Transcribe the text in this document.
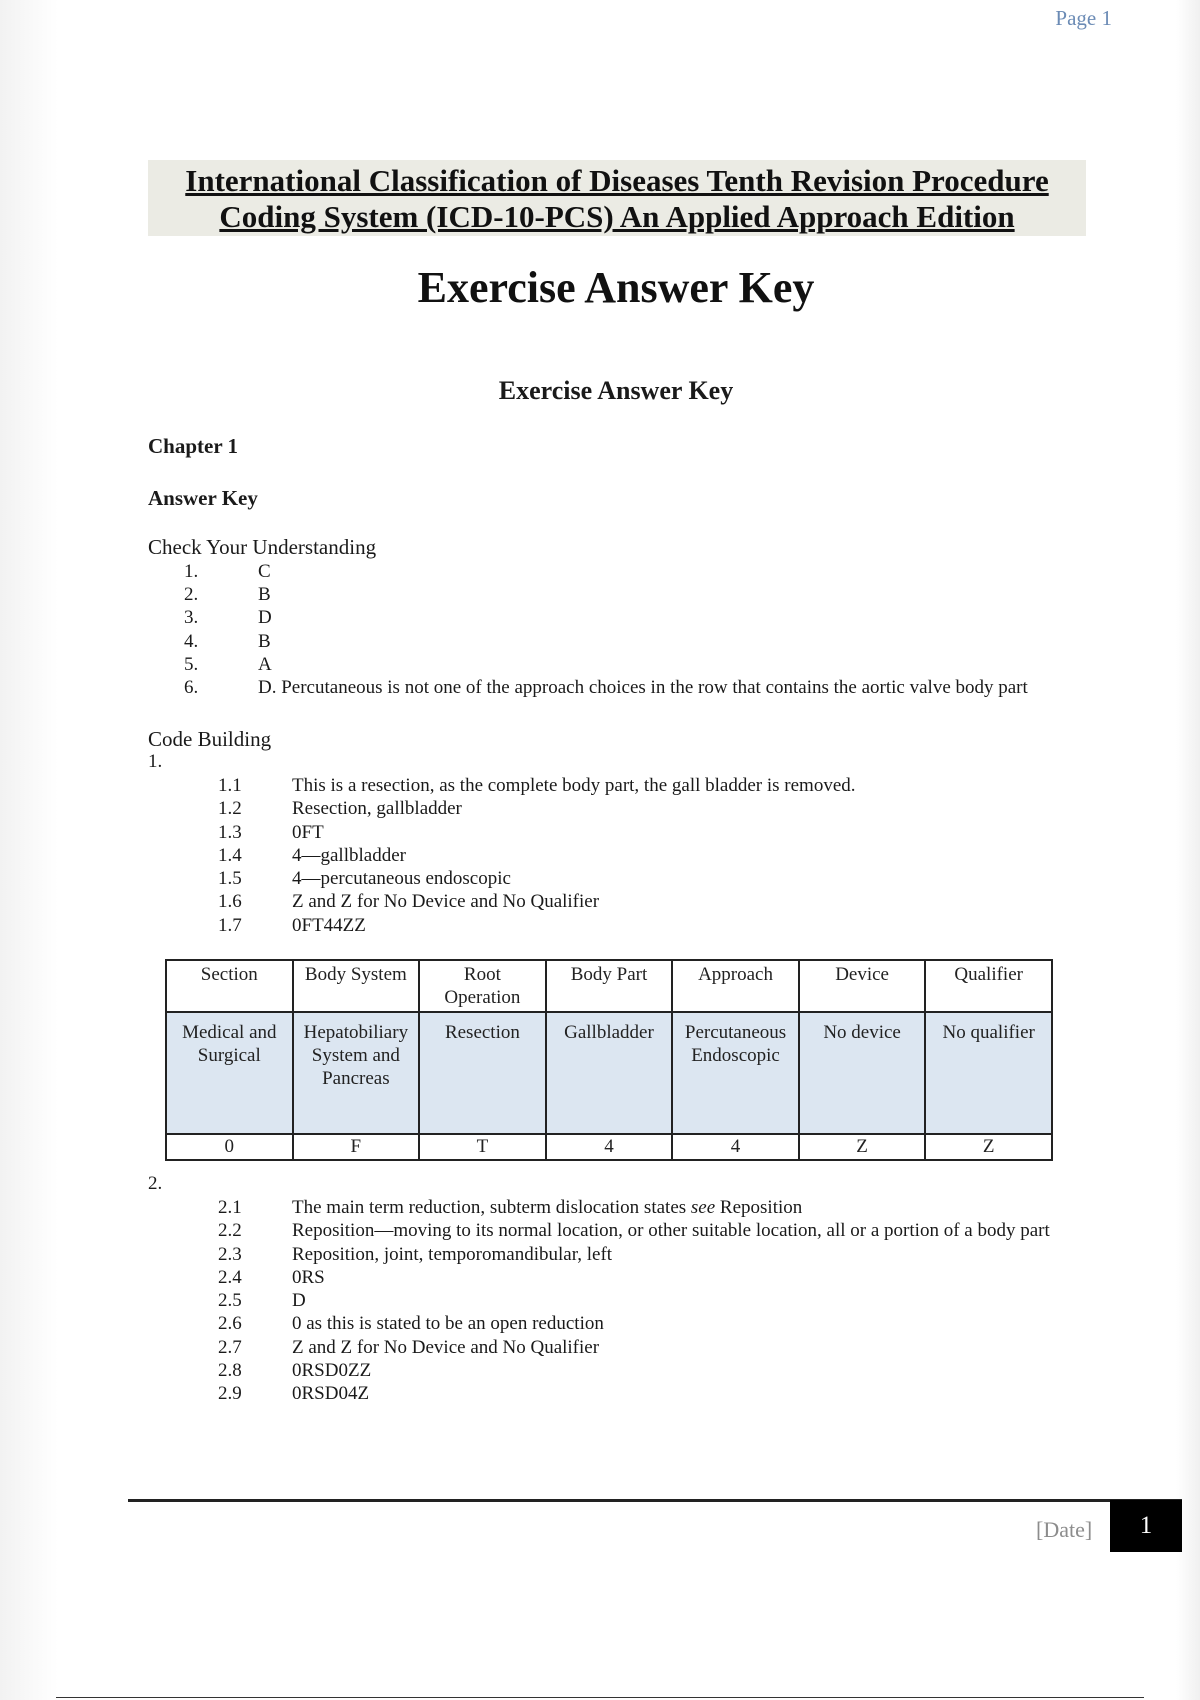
Page 1
International Classification of Diseases Tenth Revision Procedure
Coding System (ICD-10-PCS) An Applied Approach Edition
Exercise Answer Key
Exercise Answer Key
Chapter 1
Answer Key
Check Your Understanding
1.	C
2.	B
3.	D
4.	B
5.	A
6.	D. Percutaneous is not one of the approach choices in the row that contains the aortic valve body part
Code Building
1.
1.1	This is a resection, as the complete body part, the gall bladder is removed.
1.2	Resection, gallbladder
1.3	0FT
1.4	4—gallbladder
1.5	4—percutaneous endoscopic
1.6	Z and Z for No Device and No Qualifier
1.7	0FT44ZZ
Section	Body System	Root Operation	Body Part	Approach	Device	Qualifier
Medical and Surgical	Hepatobiliary System and Pancreas	Resection	Gallbladder	Percutaneous Endoscopic	No device	No qualifier
0	F	T	4	4	Z	Z
2.
2.1	The main term reduction, subterm dislocation states see Reposition
2.2	Reposition—moving to its normal location, or other suitable location, all or a portion of a body part
2.3	Reposition, joint, temporomandibular, left
2.4	0RS
2.5	D
2.6	0 as this is stated to be an open reduction
2.7	Z and Z for No Device and No Qualifier
2.8	0RSD0ZZ
2.9	0RSD04Z
[Date]	1
